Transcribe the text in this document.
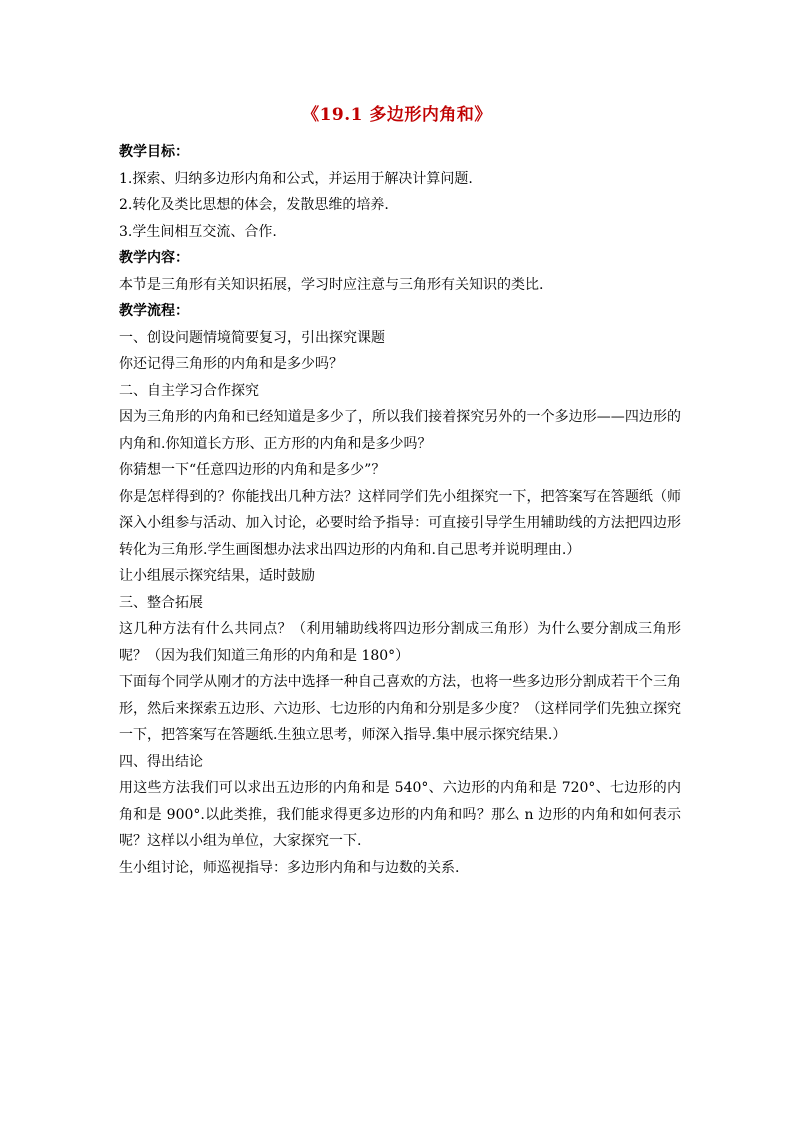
《19.1 多边形内角和》

教学目标：

1.探索、归纳多边形内角和公式，并运用于解决计算问题.

2.转化及类比思想的体会，发散思维的培养.

3.学生间相互交流、合作.

教学内容：

本节是三角形有关知识拓展，学习时应注意与三角形有关知识的类比.

教学流程：

一、创设问题情境简要复习，引出探究课题

你还记得三角形的内角和是多少吗？

二、自主学习合作探究

因为三角形的内角和已经知道是多少了，所以我们接着探究另外的一个多边形——四边形的内角和.你知道长方形、正方形的内角和是多少吗？

你猜想一下“任意四边形的内角和是多少”？

你是怎样得到的？你能找出几种方法？这样同学们先小组探究一下，把答案写在答题纸（师深入小组参与活动、加入讨论，必要时给予指导：可直接引导学生用辅助线的方法把四边形转化为三角形.学生画图想办法求出四边形的内角和.自己思考并说明理由.）

让小组展示探究结果，适时鼓励

三、整合拓展

这几种方法有什么共同点？（利用辅助线将四边形分割成三角形）为什么要分割成三角形呢？（因为我们知道三角形的内角和是 180°）

下面每个同学从刚才的方法中选择一种自己喜欢的方法，也将一些多边形分割成若干个三角形，然后来探索五边形、六边形、七边形的内角和分别是多少度？（这样同学们先独立探究一下，把答案写在答题纸.生独立思考，师深入指导.集中展示探究结果.）

四、得出结论

用这些方法我们可以求出五边形的内角和是 540°、六边形的内角和是 720°、七边形的内角和是 900°.以此类推，我们能求得更多边形的内角和吗？那么 n 边形的内角和如何表示呢？这样以小组为单位，大家探究一下.

生小组讨论，师巡视指导：多边形内角和与边数的关系.
